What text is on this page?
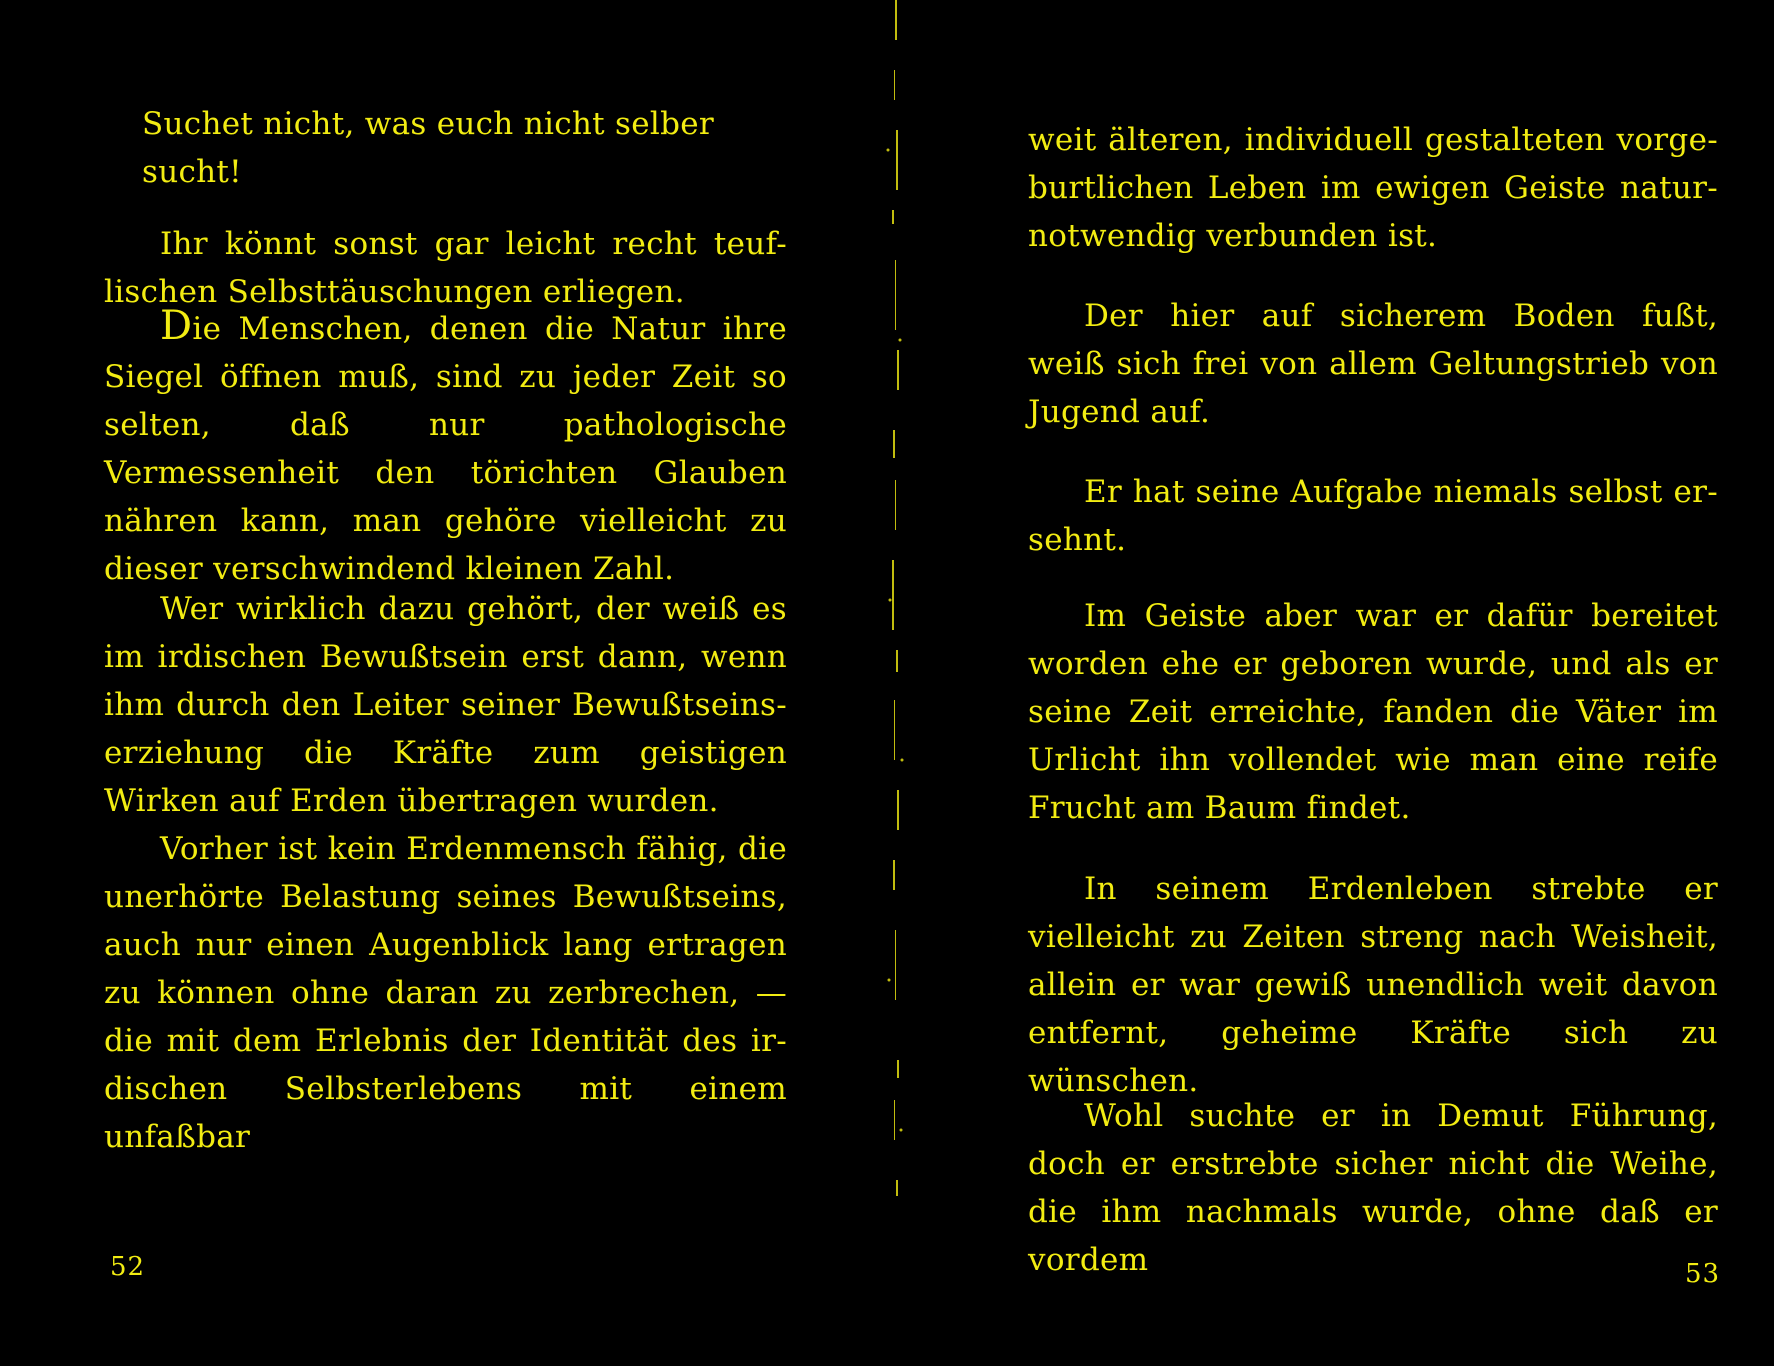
Suchet nicht, was euch nicht selber sucht!

Ihr könnt sonst gar leicht recht teuf-lischen Selbsttäuschungen erliegen.

Die Menschen, denen die Natur ihre Siegel öffnen muß, sind zu jeder Zeit so selten, daß nur pathologische Vermessenheit den törichten Glauben nähren kann, man gehöre vielleicht zu dieser verschwindend kleinen Zahl.

Wer wirklich dazu gehört, der weiß es im irdischen Bewußtsein erst dann, wenn ihm durch den Leiter seiner Bewußtseins-erziehung die Kräfte zum geistigen Wirken auf Erden übertragen wurden.

Vorher ist kein Erdenmensch fähig, die unerhörte Belastung seines Bewußtseins, auch nur einen Augenblick lang ertragen zu können ohne daran zu zerbrechen, — die mit dem Erlebnis der Identität des ir-dischen Selbsterlebens mit einem unfaßbar

52

weit älteren, individuell gestalteten vorge-burtlichen Leben im ewigen Geiste natur-notwendig verbunden ist.

Der hier auf sicherem Boden fußt, weiß sich frei von allem Geltungstrieb von Jugend auf.

Er hat seine Aufgabe niemals selbst er-sehnt.

Im Geiste aber war er dafür bereitet worden ehe er geboren wurde, und als er seine Zeit erreichte, fanden die Väter im Urlicht ihn vollendet wie man eine reife Frucht am Baum findet.

In seinem Erdenleben strebte er vielleicht zu Zeiten streng nach Weisheit, allein er war gewiß unendlich weit davon entfernt, geheime Kräfte sich zu wünschen.

Wohl suchte er in Demut Führung, doch er erstrebte sicher nicht die Weihe, die ihm nachmals wurde, ohne daß er vordem	53
